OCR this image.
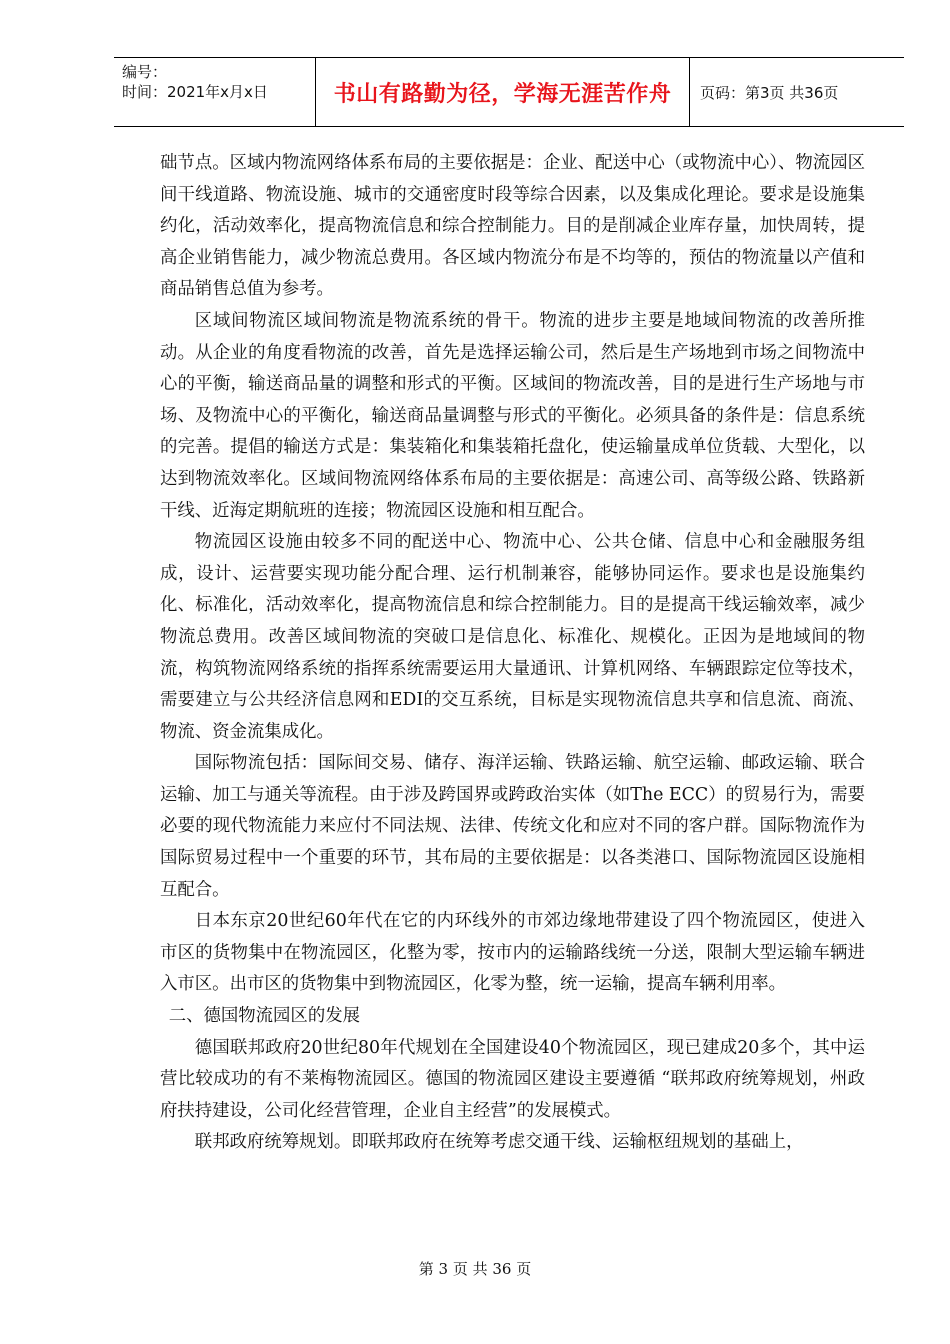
编号：
时间：2021年x月x日	书山有路勤为径，学海无涯苦作舟 页码：第3页 共36页

础节点。区域内物流网络体系布局的主要依据是：企业、配送中心（或物流中心）、物流园区间干线道路、物流设施、城市的交通密度时段等综合因素，以及集成化理论。要求是设施集约化，活动效率化，提高物流信息和综合控制能力。目的是削减企业库存量，加快周转，提高企业销售能力，减少物流总费用。各区域内物流分布是不均等的，预估的物流量以产值和商品销售总值为参考。

区域间物流区域间物流是物流系统的骨干。物流的进步主要是地域间物流的改善所推动。从企业的角度看物流的改善，首先是选择运输公司，然后是生产场地到市场之间物流中心的平衡，输送商品量的调整和形式的平衡。区域间的物流改善，目的是进行生产场地与市场、及物流中心的平衡化，输送商品量调整与形式的平衡化。必须具备的条件是：信息系统的完善。提倡的输送方式是：集装箱化和集装箱托盘化，使运输量成单位货载、大型化，以达到物流效率化。区域间物流网络体系布局的主要依据是：高速公司、高等级公路、铁路新干线、近海定期航班的连接；物流园区设施和相互配合。

物流园区设施由较多不同的配送中心、物流中心、公共仓储、信息中心和金融服务组成，设计、运营要实现功能分配合理、运行机制兼容，能够协同运作。要求也是设施集约化、标准化，活动效率化，提高物流信息和综合控制能力。目的是提高干线运输效率，减少物流总费用。改善区域间物流的突破口是信息化、标准化、规模化。正因为是地域间的物流，构筑物流网络系统的指挥系统需要运用大量通讯、计算机网络、车辆跟踪定位等技术，需要建立与公共经济信息网和EDI的交互系统，目标是实现物流信息共享和信息流、商流、物流、资金流集成化。

国际物流包括：国际间交易、储存、海洋运输、铁路运输、航空运输、邮政运输、联合运输、加工与通关等流程。由于涉及跨国界或跨政治实体（如The ECC）的贸易行为，需要必要的现代物流能力来应付不同法规、法律、传统文化和应对不同的客户群。国际物流作为国际贸易过程中一个重要的环节，其布局的主要依据是：以各类港口、国际物流园区设施相互配合。

日本东京20世纪60年代在它的内环线外的市郊边缘地带建设了四个物流园区，使进入市区的货物集中在物流园区，化整为零，按市内的运输路线统一分送，限制大型运输车辆进入市区。出市区的货物集中到物流园区，化零为整，统一运输，提高车辆利用率。

二、德国物流园区的发展

德国联邦政府20世纪80年代规划在全国建设40个物流园区，现已建成20多个，其中运营比较成功的有不莱梅物流园区。德国的物流园区建设主要遵循 “联邦政府统筹规划，州政府扶持建设，公司化经营管理，企业自主经营”的发展模式。

联邦政府统筹规划。即联邦政府在统筹考虑交通干线、运输枢纽规划的基础上，

第 3 页 共 36 页
